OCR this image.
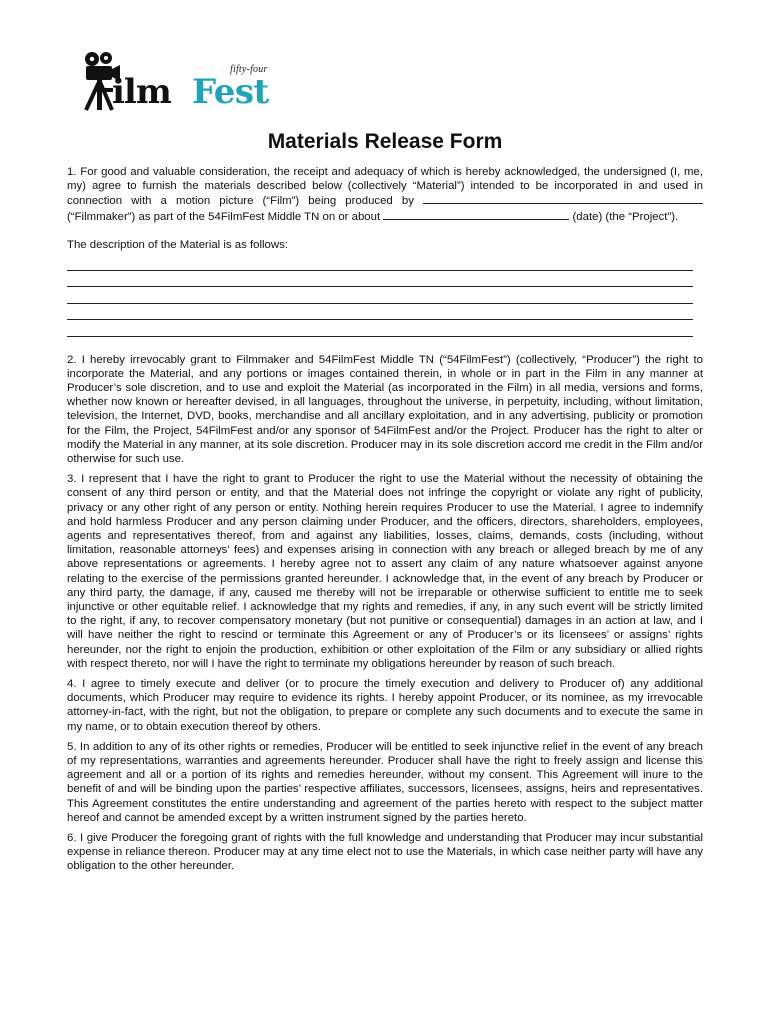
fifty-four
ilm Fest
Materials Release Form

1. For good and valuable consideration, the receipt and adequacy of which is hereby acknowledged, the undersigned (I, me, my) agree to furnish the materials described below (collectively “Material”) intended to be incorporated in and used in connection with a motion picture (“Film”) being produced by  (“Filmmaker”) as part of the 54FilmFest Middle TN on or about	(date) (the “Project”).

The description of the Material is as follows:

2. I hereby irrevocably grant to Filmmaker and 54FilmFest Middle TN (“54FilmFest”) (collectively, “Producer”) the right to incorporate the Material, and any portions or images contained therein, in whole or in part in the Film in any manner at Producer’s sole discretion, and to use and exploit the Material (as incorporated in the Film) in all media, versions and forms, whether now known or hereafter devised, in all languages, throughout the universe, in perpetuity, including, without limitation, television, the Internet, DVD, books, merchandise and all ancillary exploitation, and in any advertising, publicity or promotion for the Film, the Project, 54FilmFest and/or any sponsor of 54FilmFest and/or the Project. Producer has the right to alter or modify the Material in any manner, at its sole discretion. Producer may in its sole discretion accord me credit in the Film and/or otherwise for such use.

3. I represent that I have the right to grant to Producer the right to use the Material without the necessity of obtaining the consent of any third person or entity, and that the Material does not infringe the copyright or violate any right of publicity, privacy or any other right of any person or entity. Nothing herein requires Producer to use the Material. I agree to indemnify and hold harmless Producer and any person claiming under Producer, and the officers, directors, shareholders, employees, agents and representatives thereof, from and against any liabilities, losses, claims, demands, costs (including, without limitation, reasonable attorneys’ fees) and expenses arising in connection with any breach or alleged breach by me of any above representations or agreements. I hereby agree not to assert any claim of any nature whatsoever against anyone relating to the exercise of the permissions granted hereunder. I acknowledge that, in the event of any breach by Producer or any third party, the damage, if any, caused me thereby will not be irreparable or otherwise sufficient to entitle me to seek injunctive or other equitable relief. I acknowledge that my rights and remedies, if any, in any such event will be strictly limited to the right, if any, to recover compensatory monetary (but not punitive or consequential) damages in an action at law, and I will have neither the right to rescind or terminate this Agreement or any of Producer’s or its licensees’ or assigns’ rights hereunder, nor the right to enjoin the production, exhibition or other exploitation of the Film or any subsidiary or allied rights with respect thereto, nor will I have the right to terminate my obligations hereunder by reason of such breach.

4. I agree to timely execute and deliver (or to procure the timely execution and delivery to Producer of) any additional documents, which Producer may require to evidence its rights. I hereby appoint Producer, or its nominee, as my irrevocable attorney-in-fact, with the right, but not the obligation, to prepare or complete any such documents and to execute the same in my name, or to obtain execution thereof by others.

5. In addition to any of its other rights or remedies, Producer will be entitled to seek injunctive relief in the event of any breach of my representations, warranties and agreements hereunder. Producer shall have the right to freely assign and license this agreement and all or a portion of its rights and remedies hereunder, without my consent. This Agreement will inure to the benefit of and will be binding upon the parties’ respective affiliates, successors, licensees, assigns, heirs and representatives. This Agreement constitutes the entire understanding and agreement of the parties hereto with respect to the subject matter hereof and cannot be amended except by a written instrument signed by the parties hereto.

6. I give Producer the foregoing grant of rights with the full knowledge and understanding that Producer may incur substantial expense in reliance thereon. Producer may at any time elect not to use the Materials, in which case neither party will have any obligation to the other hereunder.
